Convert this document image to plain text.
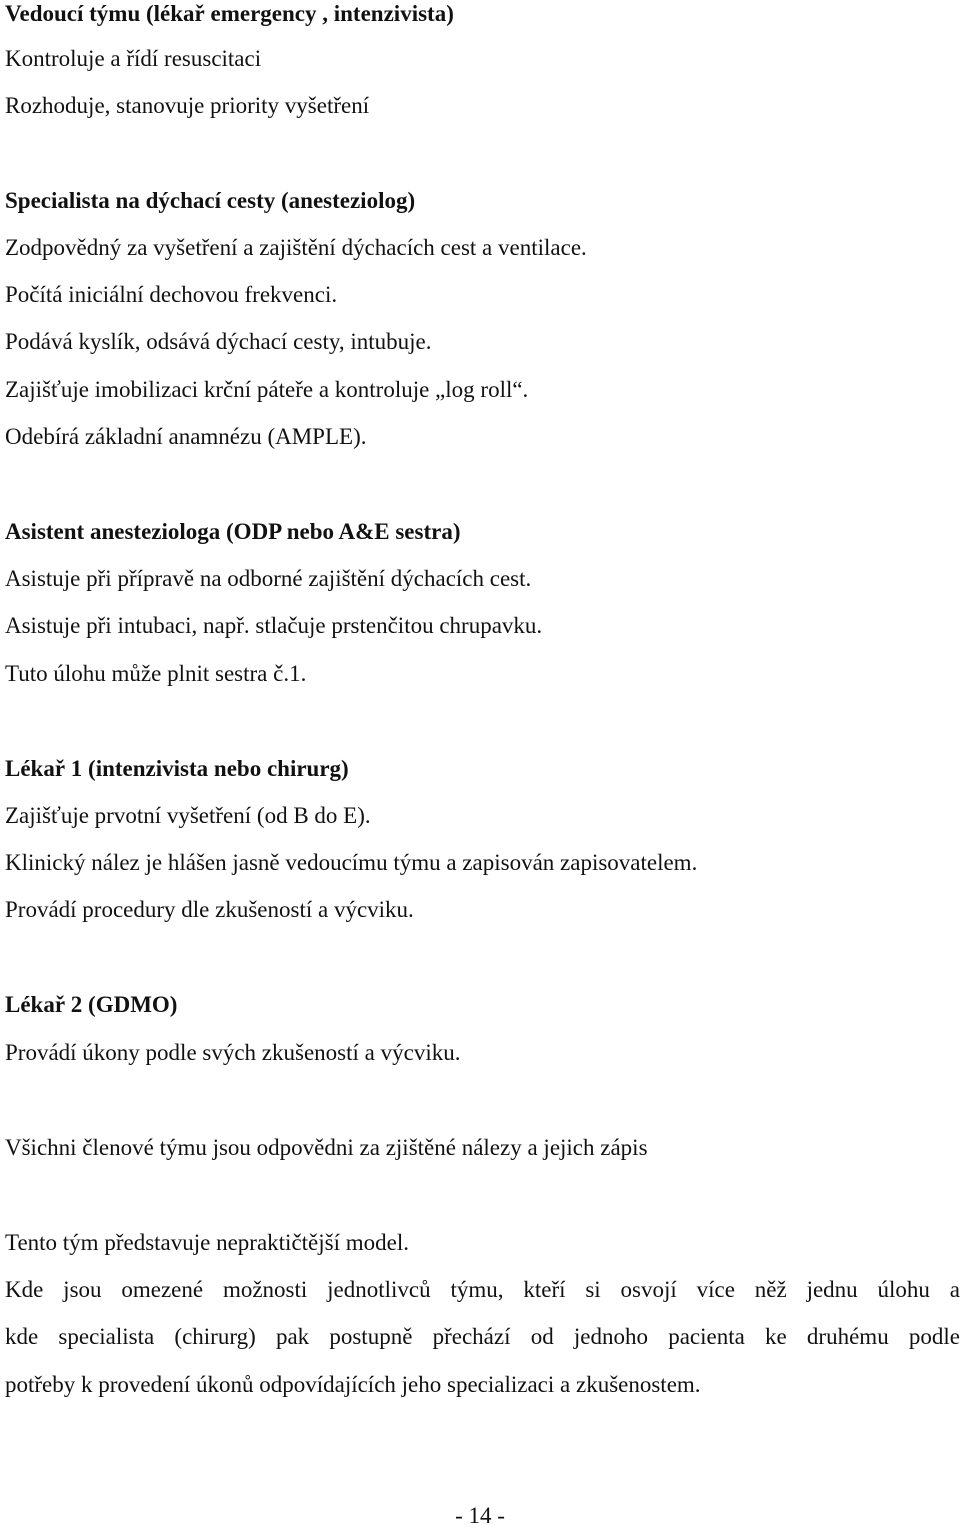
Vedoucí týmu (lékař emergency , intenzivista)
Kontroluje a řídí resuscitaci
Rozhoduje, stanovuje priority vyšetření
Specialista na dýchací cesty (anesteziolog)
Zodpovědný za vyšetření a zajištění dýchacích cest a ventilace.
Počítá iniciální dechovou frekvenci.
Podává kyslík, odsává dýchací cesty, intubuje.
Zajišťuje imobilizaci krční páteře a kontroluje „log roll“.
Odebírá základní anamnézu (AMPLE).
Asistent anesteziologa (ODP nebo A&E sestra)
Asistuje při přípravě na odborné zajištění dýchacích cest.
Asistuje při intubaci, např. stlačuje prstenčitou chrupavku.
Tuto úlohu může plnit sestra č.1.
Lékař 1 (intenzivista nebo chirurg)
Zajišťuje prvotní vyšetření (od B do E).
Klinický nález je hlášen jasně vedoucímu týmu a zapisován zapisovatelem.
Provádí procedury dle zkušeností a výcviku.
Lékař 2 (GDMO)
Provádí úkony podle svých zkušeností a výcviku.
Všichni členové týmu jsou odpovědni za zjištěné nálezy a jejich zápis
Tento tým představuje nepraktičtější model.
Kde jsou omezené možnosti jednotlivců týmu, kteří si osvojí více něž jednu úlohu a
kde specialista (chirurg) pak postupně přechází od jednoho pacienta ke druhému podle
potřeby k provedení úkonů odpovídajících jeho specializaci a zkušenostem.
- 14 -
